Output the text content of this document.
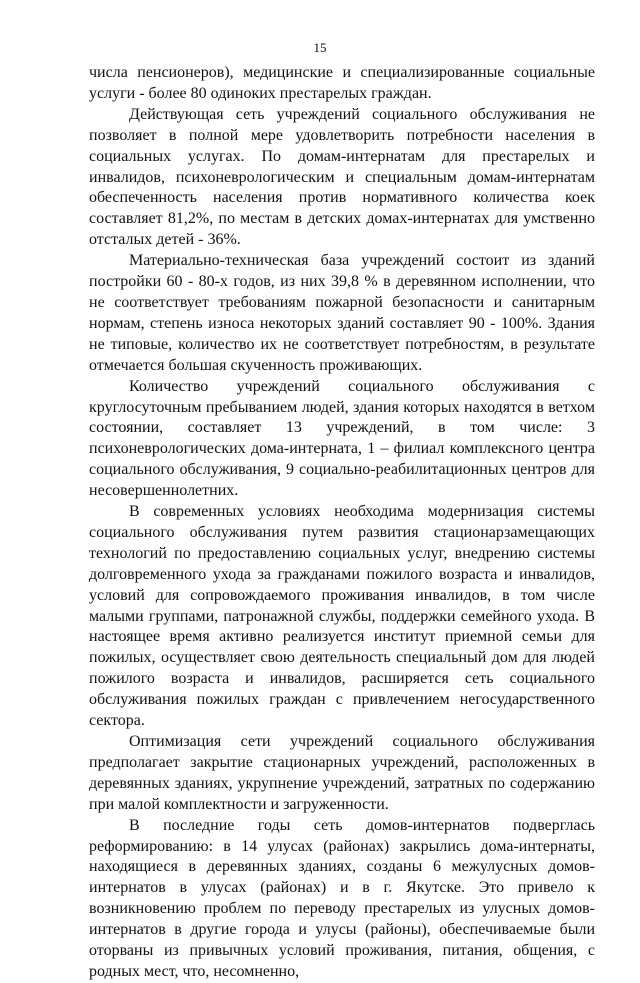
15

числа пенсионеров), медицинские и специализированные социальные услуги - более 80 одиноких престарелых граждан.

Действующая сеть учреждений социального обслуживания не позволяет в полной мере удовлетворить потребности населения в социальных услугах. По домам-интернатам для престарелых и инвалидов, психоневрологическим и специальным домам-интернатам обеспеченность населения против нормативного количества коек составляет 81,2%, по местам в детских домах-интернатах для умственно отсталых детей - 36%.

Материально-техническая база учреждений состоит из зданий постройки 60 - 80-х годов, из них 39,8 % в деревянном исполнении, что не соответствует требованиям пожарной безопасности и санитарным нормам, степень износа некоторых зданий составляет 90 - 100%. Здания не типовые, количество их не соответствует потребностям, в результате отмечается большая скученность проживающих.

Количество учреждений социального обслуживания с круглосуточным пребыванием людей, здания которых находятся в ветхом состоянии, составляет 13 учреждений, в том числе: 3 психоневрологических дома-интерната, 1 – филиал комплексного центра социального обслуживания, 9 социально-реабилитационных центров для несовершеннолетних.

В современных условиях необходима модернизация системы социального обслуживания путем развития стационарзамещающих технологий по предоставлению социальных услуг, внедрению системы долговременного ухода за гражданами пожилого возраста и инвалидов, условий для сопровождаемого проживания инвалидов, в том числе малыми группами, патронажной службы, поддержки семейного ухода. В настоящее время активно реализуется институт приемной семьи для пожилых, осуществляет свою деятельность специальный дом для людей пожилого возраста и инвалидов, расширяется сеть социального обслуживания пожилых граждан с привлечением негосударственного сектора.

Оптимизация сети учреждений социального обслуживания предполагает закрытие стационарных учреждений, расположенных в деревянных зданиях, укрупнение учреждений, затратных по содержанию при малой комплектности и загруженности.

В последние годы сеть домов-интернатов подверглась реформированию: в 14 улусах (районах) закрылись дома-интернаты, находящиеся в деревянных зданиях, созданы 6 межулусных домов-интернатов в улусах (районах) и в г. Якутске. Это привело к возникновению проблем по переводу престарелых из улусных домов-интернатов в другие города и улусы (районы), обеспечиваемые были оторваны из привычных условий проживания, питания, общения, с родных мест, что, несомненно,
